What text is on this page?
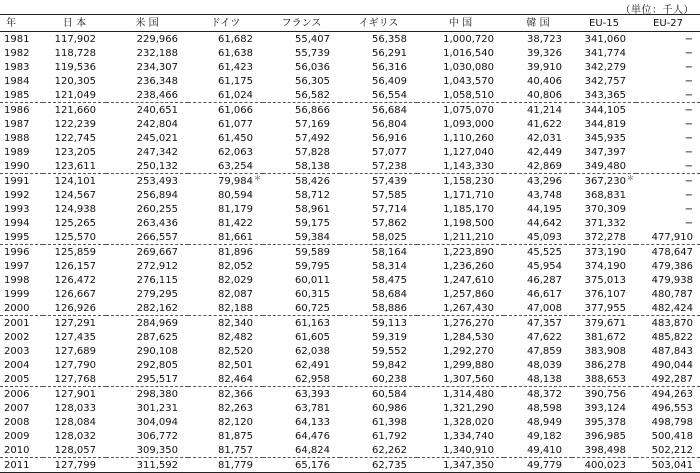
（単位：千人）
年	日 本	米 国	ドイツ	フランス	イギリス	中 国	韓 国	EU-15	EU-27
1981	117,902	229,966	61,682	55,407	56,358	1,000,720	38,723	341,060	−
1982	118,728	232,188	61,638	55,739	56,291	1,016,540	39,326	341,774	−
1983	119,536	234,307	61,423	56,036	56,316	1,030,080	39,910	342,279	−
1984	120,305	236,348	61,175	56,305	56,409	1,043,570	40,406	342,757	−
1985	121,049	238,466	61,024	56,582	56,554	1,058,510	40,806	343,365	−
1986	121,660	240,651	61,066	56,866	56,684	1,075,070	41,214	344,105	−
1987	122,239	242,804	61,077	57,169	56,804	1,093,000	41,622	344,819	−
1988	122,745	245,021	61,450	57,492	56,916	1,110,260	42,031	345,935	−
1989	123,205	247,342	62,063	57,828	57,077	1,127,040	42,449	347,397	−
1990	123,611	250,132	63,254	58,138	57,238	1,143,330	42,869	349,480	−
1991	124,101	253,493	79,984 ＊	58,426	57,439	1,158,230	43,296	367,230 ＊	−
1992	124,567	256,894	80,594	58,712	57,585	1,171,710	43,748	368,831	−
1993	124,938	260,255	81,179	58,961	57,714	1,185,170	44,195	370,309	−
1994	125,265	263,436	81,422	59,175	57,862	1,198,500	44,642	371,332	−
1995	125,570	266,557	81,661	59,384	58,025	1,211,210	45,093	372,278	477,910
1996	125,859	269,667	81,896	59,589	58,164	1,223,890	45,525	373,190	478,647
1997	126,157	272,912	82,052	59,795	58,314	1,236,260	45,954	374,190	479,386
1998	126,472	276,115	82,029	60,011	58,475	1,247,610	46,287	375,013	479,938
1999	126,667	279,295	82,087	60,315	58,684	1,257,860	46,617	376,107	480,787
2000	126,926	282,162	82,188	60,725	58,886	1,267,430	47,008	377,955	482,424
2001	127,291	284,969	82,340	61,163	59,113	1,276,270	47,357	379,671	483,870
2002	127,435	287,625	82,482	61,605	59,319	1,284,530	47,622	381,672	485,822
2003	127,689	290,108	82,520	62,038	59,552	1,292,270	47,859	383,908	487,843
2004	127,790	292,805	82,501	62,491	59,842	1,299,880	48,039	386,278	490,044
2005	127,768	295,517	82,464	62,958	60,238	1,307,560	48,138	388,653	492,287
2006	127,901	298,380	82,366	63,393	60,584	1,314,480	48,372	390,756	494,263
2007	128,033	301,231	82,263	63,781	60,986	1,321,290	48,598	393,124	496,553
2008	128,084	304,094	82,120	64,133	61,398	1,328,020	48,949	395,378	498,798
2009	128,032	306,772	81,875	64,476	61,792	1,334,740	49,182	396,985	500,418
2010	128,057	309,350	81,757	64,824	62,262	1,340,910	49,410	398,498	502,212
2011	127,799	311,592	81,779	65,176	62,735	1,347,350	49,779	400,023	503,041
